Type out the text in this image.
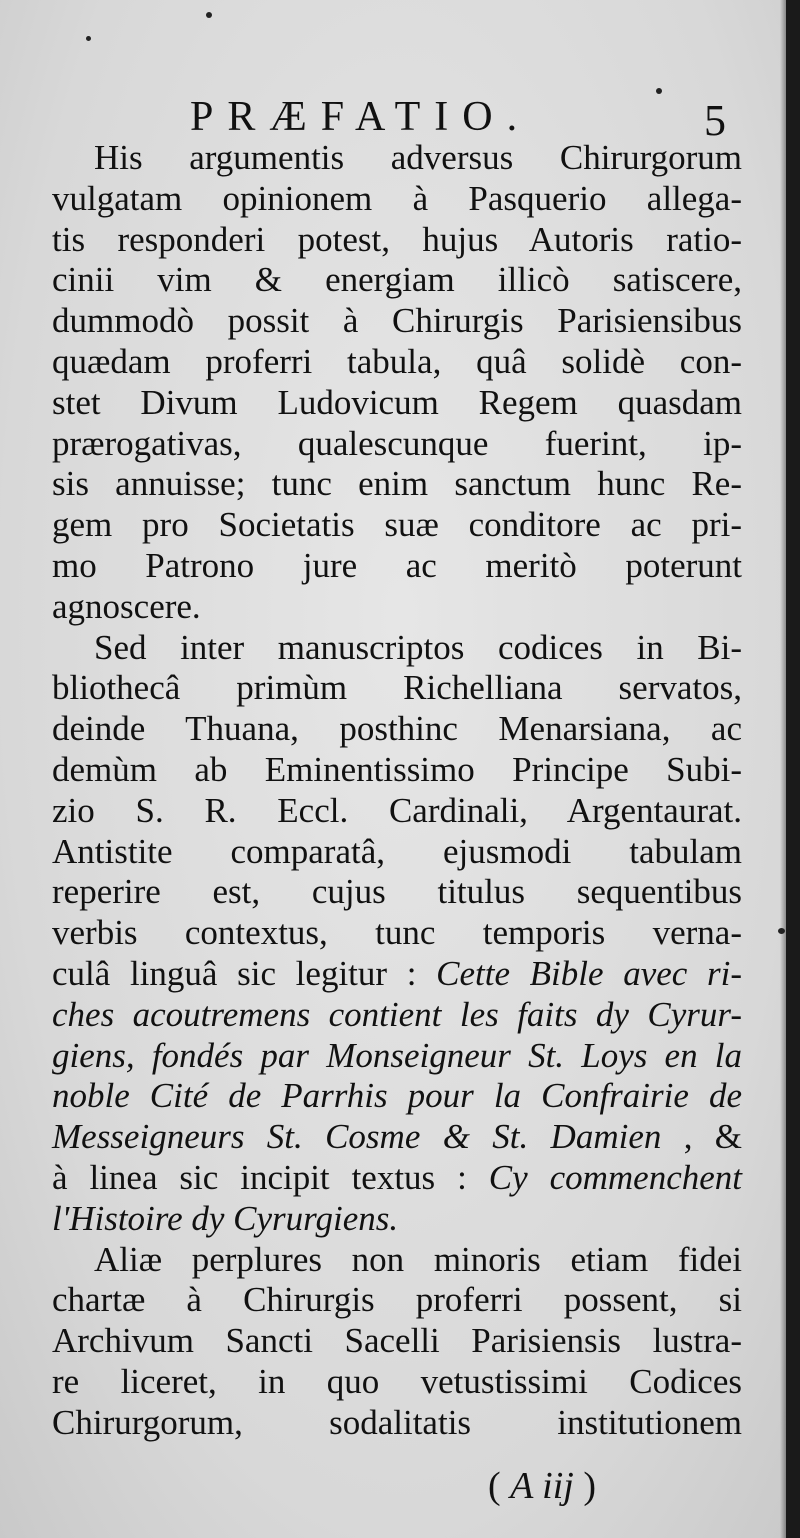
PRÆFATIO.	5
His argumentis adversus Chirurgorum
vulgatam opinionem à Pasquerio allega-
tis responderi potest, hujus Autoris ratio-
cinii vim & energiam illicò satiscere,
dummodò possit à Chirurgis Parisiensibus
quædam proferri tabula, quâ solidè con-
stet Divum Ludovicum Regem quasdam
prærogativas, qualescunque fuerint, ip-
sis annuisse; tunc enim sanctum hunc Re-
gem pro Societatis suæ conditore ac pri-
mo Patrono jure ac meritò poterunt
agnoscere.
Sed inter manuscriptos codices in Bi-
bliothecâ primùm Richelliana servatos,
deinde Thuana, posthinc Menarsiana, ac
demùm ab Eminentissimo Principe Subi-
zio S. R. Eccl. Cardinali, Argentaurat.
Antistite comparatâ, ejusmodi tabulam
reperire est, cujus titulus sequentibus
verbis contextus, tunc temporis verna-
culâ linguâ sic legitur : Cette Bible avec ri-
ches acoutremens contient les faits dy Cyrur-
giens, fondés par Monseigneur St. Loys en la
noble Cité de Parrhis pour la Confrairie de
Messeigneurs St. Cosme & St. Damien , &
à linea sic incipit textus : Cy commenchent
l'Histoire dy Cyrurgiens.
Aliæ perplures non minoris etiam fidei
chartæ à Chirurgis proferri possent, si
Archivum Sancti Sacelli Parisiensis lustra-
re liceret, in quo vetustissimi Codices
Chirurgorum, sodalitatis institutionem
( A iij )
